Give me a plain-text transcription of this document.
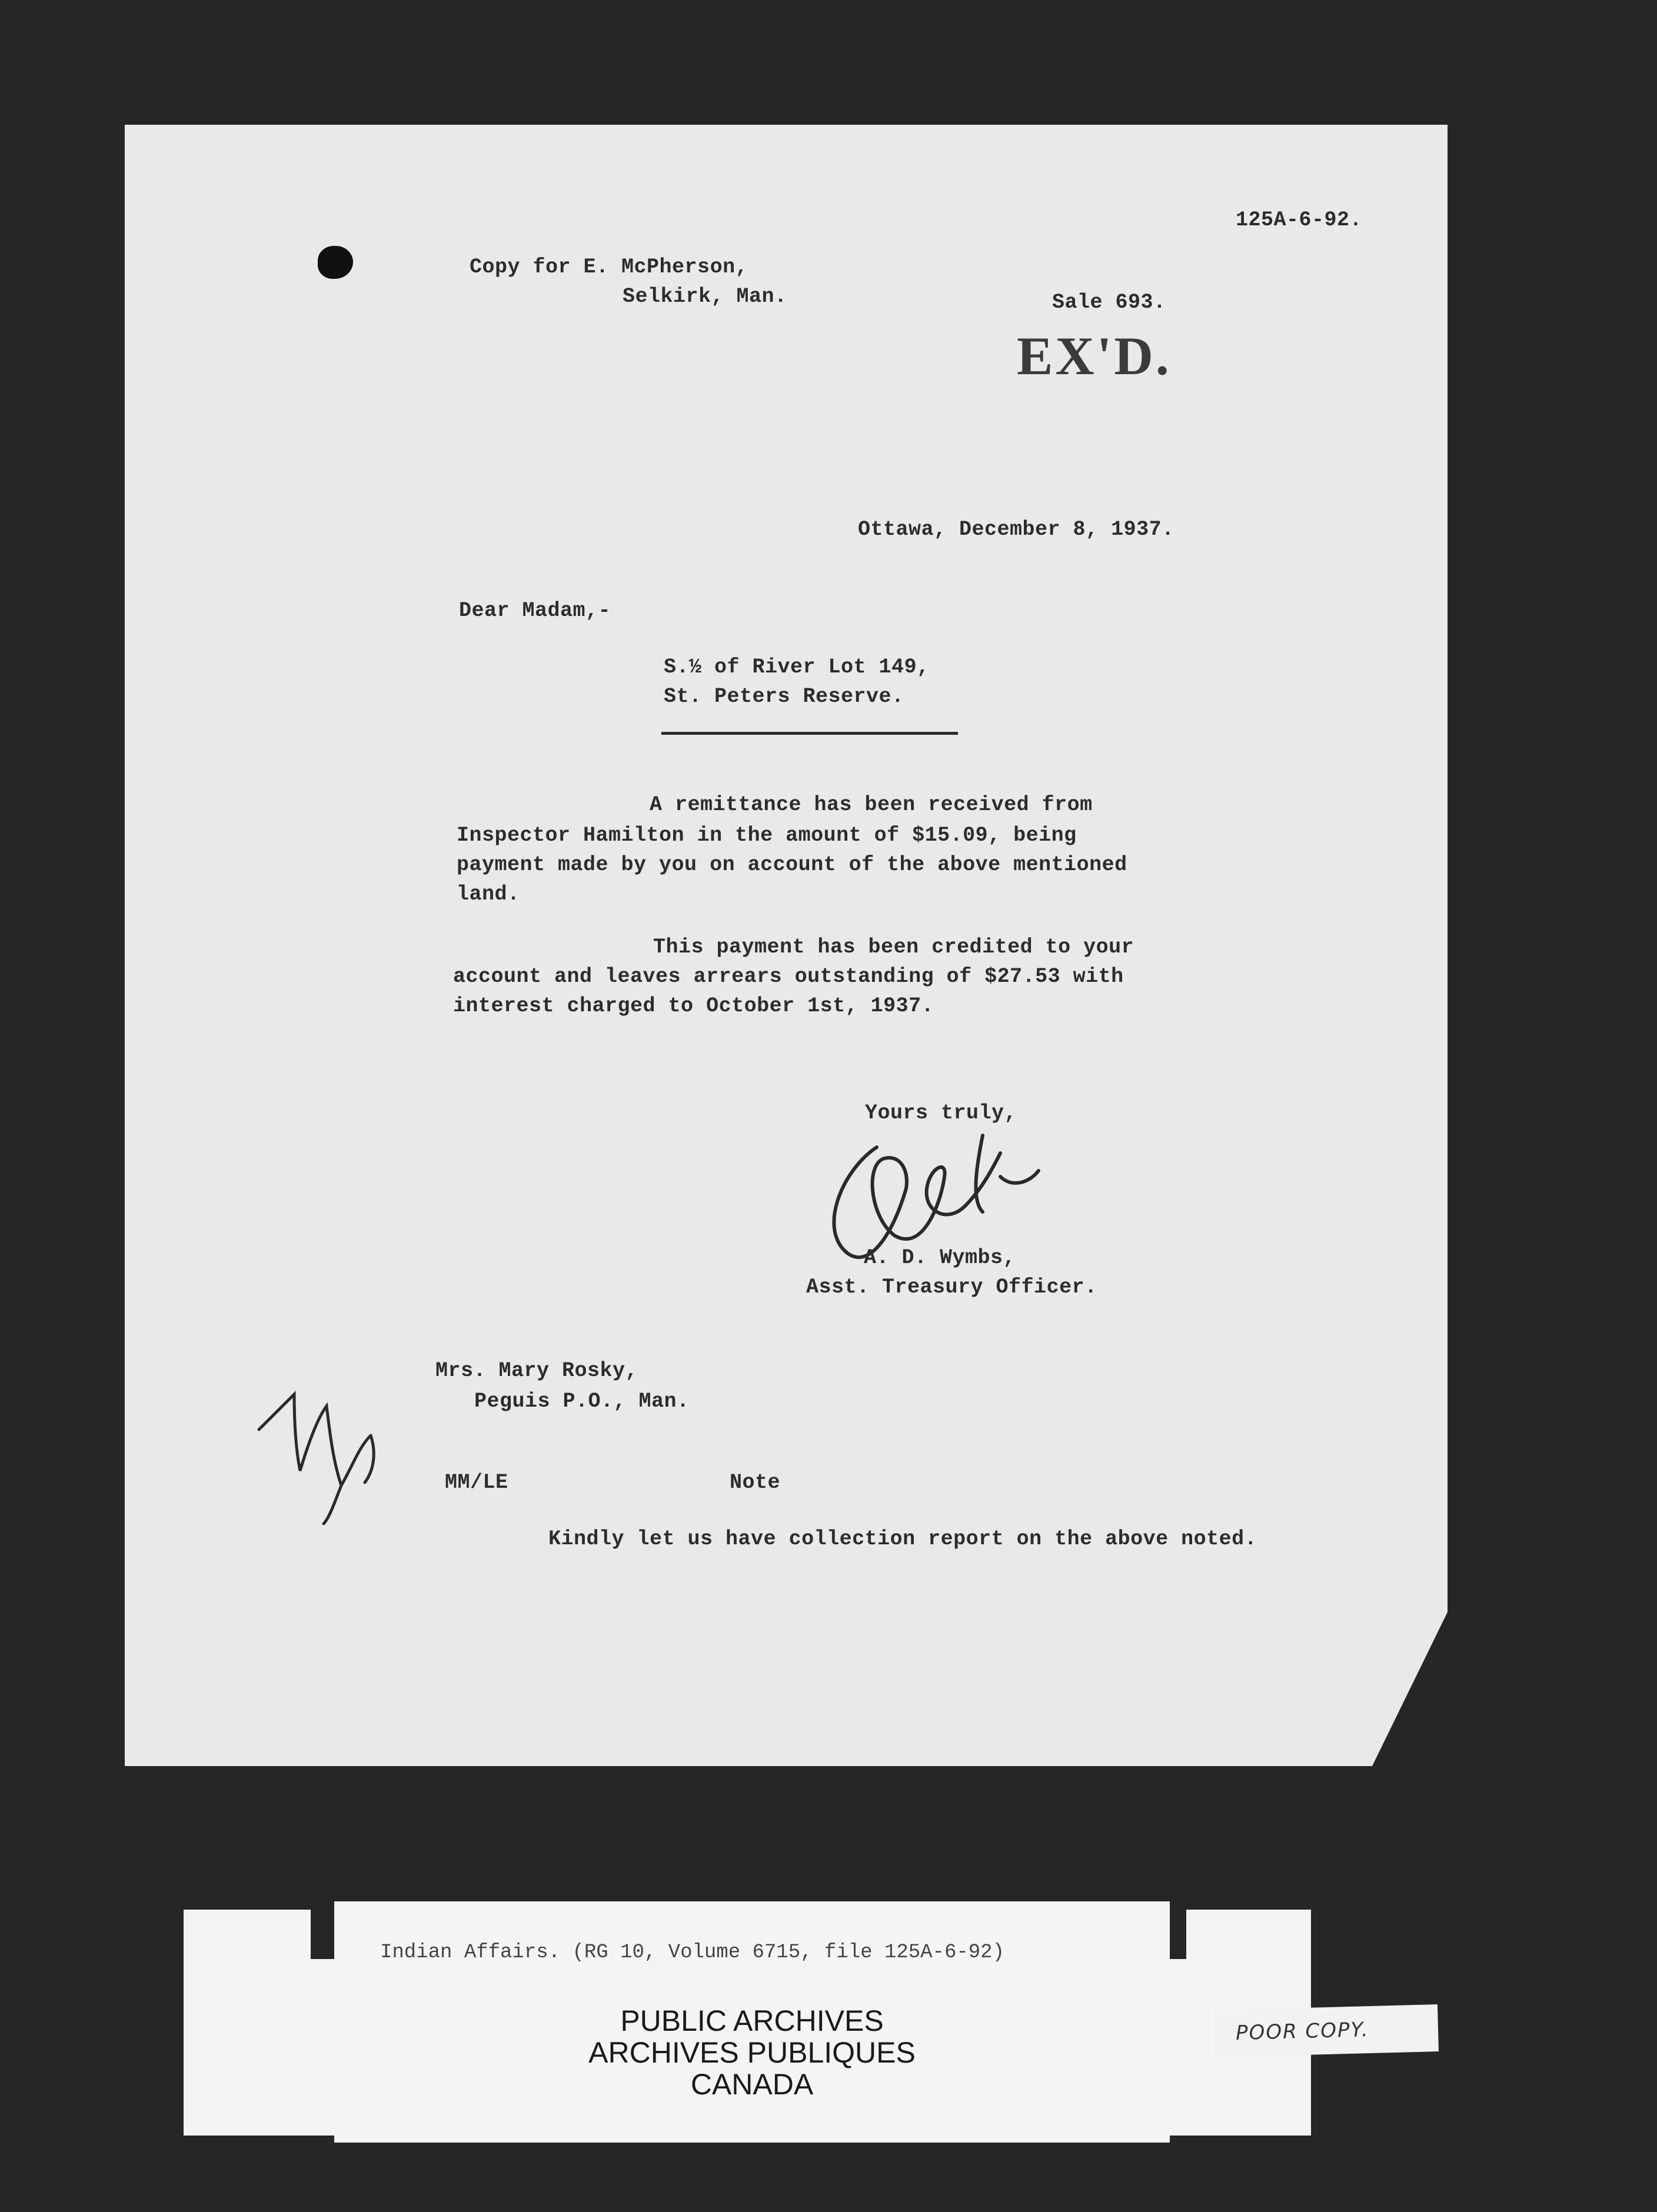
125A-6-92.
Copy for E. McPherson,
Selkirk, Man.	Sale 693.
EX'D.
Ottawa, December 8, 1937.
Dear Madam,-
S.½ of River Lot 149,
St. Peters Reserve.
A remittance has been received from
Inspector Hamilton in the amount of $15.09, being
payment made by you on account of the above mentioned
land.
This payment has been credited to your
account and leaves arrears outstanding of $27.53 with
interest charged to October 1st, 1937.
Yours truly,
A. D. Wymbs,
Asst. Treasury Officer.
Mrs. Mary Rosky,
Peguis P.O., Man.
MM/LE	Note
Kindly let us have collection report on the above noted.
Indian Affairs. (RG 10, Volume 6715, file 125A-6-92)
PUBLIC ARCHIVES
ARCHIVES PUBLIQUES
CANADA
POOR COPY.
